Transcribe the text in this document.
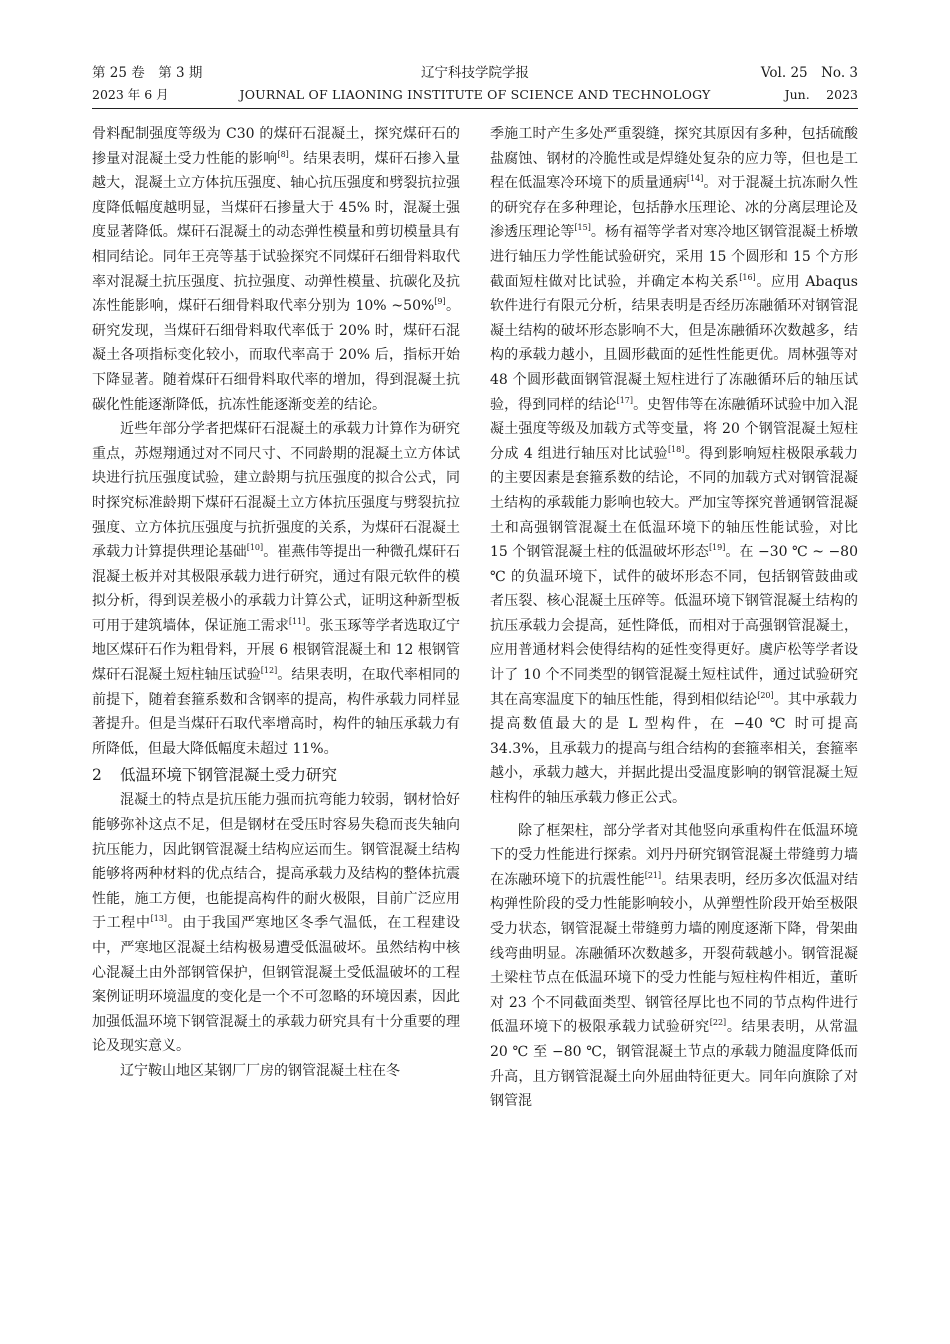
第 25 卷　第 3 期	辽宁科技学院学报	Vol. 25　No. 3
2023 年 6 月	JOURNAL OF LIAONING INSTITUTE OF SCIENCE AND TECHNOLOGY	Jun.　 2023

骨料配制强度等级为 C30 的煤矸石混凝土，探究煤矸石的掺量对混凝土受力性能的影响[8]。结果表明，煤矸石掺入量越大，混凝土立方体抗压强度、轴心抗压强度和劈裂抗拉强度降低幅度越明显，当煤矸石掺量大于 45% 时，混凝土强度显著降低。煤矸石混凝土的动态弹性模量和剪切模量具有相同结论。同年王亮等基于试验探究不同煤矸石细骨料取代率对混凝土抗压强度、抗拉强度、动弹性模量、抗碳化及抗冻性能影响，煤矸石细骨料取代率分别为 10% ~50%[9]。研究发现，当煤矸石细骨料取代率低于 20% 时，煤矸石混凝土各项指标变化较小，而取代率高于 20% 后，指标开始下降显著。随着煤矸石细骨料取代率的增加，得到混凝土抗碳化性能逐渐降低，抗冻性能逐渐变差的结论。

近些年部分学者把煤矸石混凝土的承载力计算作为研究重点，苏煜翔通过对不同尺寸、不同龄期的混凝土立方体试块进行抗压强度试验，建立龄期与抗压强度的拟合公式，同时探究标准龄期下煤矸石混凝土立方体抗压强度与劈裂抗拉强度、立方体抗压强度与抗折强度的关系，为煤矸石混凝土承载力计算提供理论基础[10]。崔燕伟等提出一种微孔煤矸石混凝土板并对其极限承载力进行研究，通过有限元软件的模拟分析，得到误差极小的承载力计算公式，证明这种新型板可用于建筑墙体，保证施工需求[11]。张玉琢等学者选取辽宁地区煤矸石作为粗骨料，开展 6 根钢管混凝土和 12 根钢管煤矸石混凝土短柱轴压试验[12]。结果表明，在取代率相同的前提下，随着套箍系数和含钢率的提高，构件承载力同样显著提升。但是当煤矸石取代率增高时，构件的轴压承载力有所降低，但最大降低幅度未超过 11%。

2 低温环境下钢管混凝土受力研究

混凝土的特点是抗压能力强而抗弯能力较弱，钢材恰好能够弥补这点不足，但是钢材在受压时容易失稳而丧失轴向抗压能力，因此钢管混凝土结构应运而生。钢管混凝土结构能够将两种材料的优点结合，提高承载力及结构的整体抗震性能，施工方便，也能提高构件的耐火极限，目前广泛应用于工程中[13]。由于我国严寒地区冬季气温低，在工程建设中，严寒地区混凝土结构极易遭受低温破坏。虽然结构中核心混凝土由外部钢管保护，但钢管混凝土受低温破坏的工程案例证明环境温度的变化是一个不可忽略的环境因素，因此加强低温环境下钢管混凝土的承载力研究具有十分重要的理论及现实意义。

辽宁鞍山地区某钢厂厂房的钢管混凝土柱在冬

季施工时产生多处严重裂缝，探究其原因有多种，包括硫酸盐腐蚀、钢材的冷脆性或是焊缝处复杂的应力等，但也是工程在低温寒冷环境下的质量通病[14]。对于混凝土抗冻耐久性的研究存在多种理论，包括静水压理论、冰的分离层理论及渗透压理论等[15]。杨有福等学者对寒冷地区钢管混凝土桥墩进行轴压力学性能试验研究，采用 15 个圆形和 15 个方形截面短柱做对比试验，并确定本构关系[16]。应用 Abaqus 软件进行有限元分析，结果表明是否经历冻融循环对钢管混凝土结构的破坏形态影响不大，但是冻融循环次数越多，结构的承载力越小，且圆形截面的延性性能更优。周林强等对 48 个圆形截面钢管混凝土短柱进行了冻融循环后的轴压试验，得到同样的结论[17]。史智伟等在冻融循环试验中加入混凝土强度等级及加载方式等变量，将 20 个钢管混凝土短柱分成 4 组进行轴压对比试验[18]。得到影响短柱极限承载力的主要因素是套箍系数的结论，不同的加载方式对钢管混凝土结构的承载能力影响也较大。严加宝等探究普通钢管混凝土和高强钢管混凝土在低温环境下的轴压性能试验，对比 15 个钢管混凝土柱的低温破坏形态[19]。在 −30 ℃ ~ −80 ℃ 的负温环境下，试件的破坏形态不同，包括钢管鼓曲或者压裂、核心混凝土压碎等。低温环境下钢管混凝土结构的抗压承载力会提高，延性降低，而相对于高强钢管混凝土，应用普通材料会使得结构的延性变得更好。虞庐松等学者设计了 10 个不同类型的钢管混凝土短柱试件，通过试验研究其在高寒温度下的轴压性能，得到相似结论[20]。其中承载力提高数值最大的是 L 型构件，在 −40 ℃ 时可提高 34.3%，且承载力的提高与组合结构的套箍率相关，套箍率越小，承载力越大，并据此提出受温度影响的钢管混凝土短柱构件的轴压承载力修正公式。

除了框架柱，部分学者对其他竖向承重构件在低温环境下的受力性能进行探索。刘丹丹研究钢管混凝土带缝剪力墙在冻融环境下的抗震性能[21]。结果表明，经历多次低温对结构弹性阶段的受力性能影响较小，从弹塑性阶段开始至极限受力状态，钢管混凝土带缝剪力墙的刚度逐渐下降，骨架曲线弯曲明显。冻融循环次数越多，开裂荷载越小。钢管混凝土梁柱节点在低温环境下的受力性能与短柱构件相近，董昕对 23 个不同截面类型、钢管径厚比也不同的节点构件进行低温环境下的极限承载力试验研究[22]。结果表明，从常温 20 ℃ 至 −80 ℃，钢管混凝土节点的承载力随温度降低而升高，且方钢管混凝土向外屈曲特征更大。同年向旗除了对钢管混
